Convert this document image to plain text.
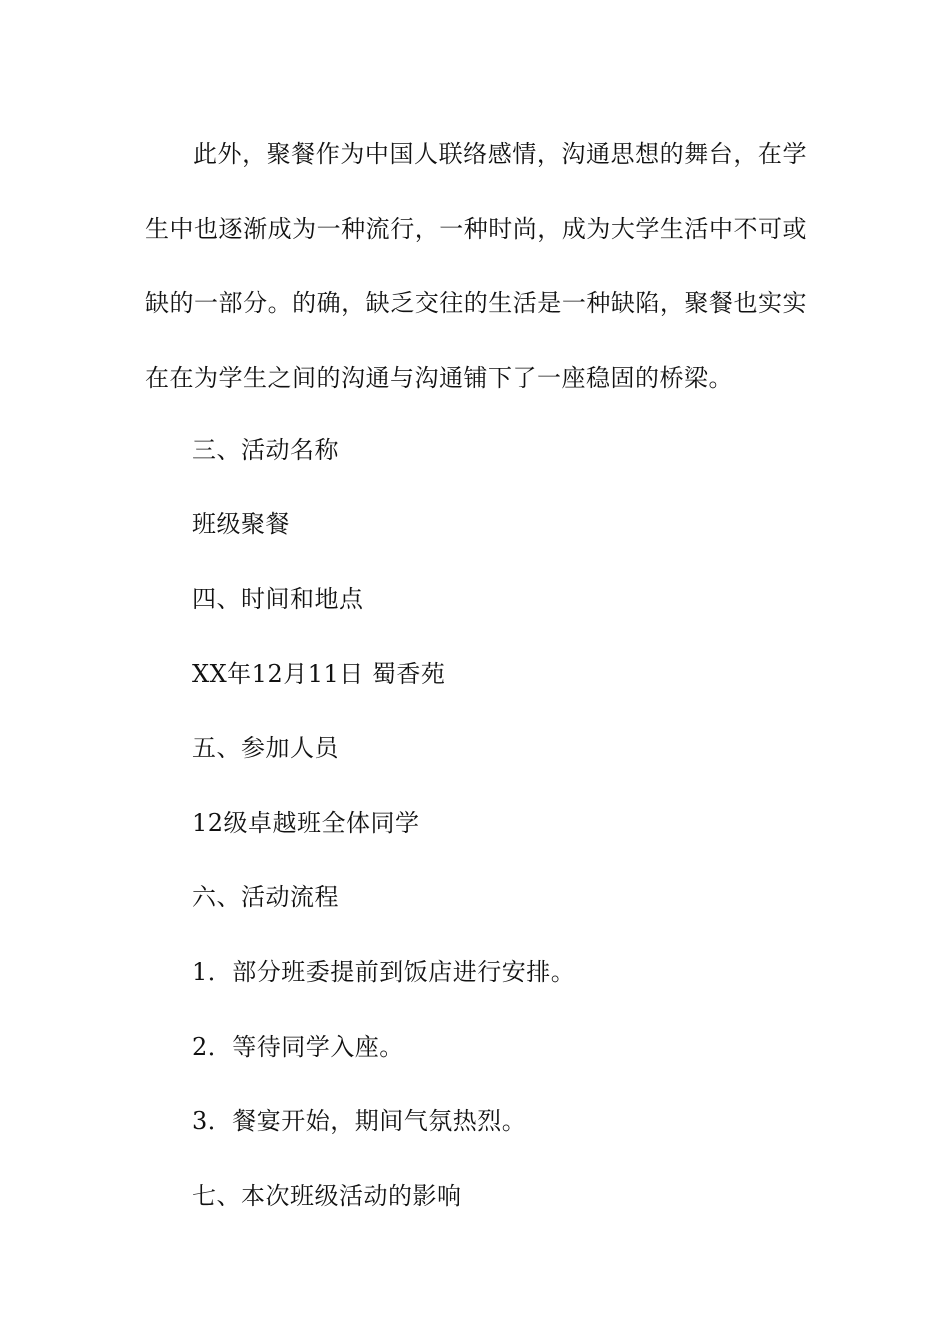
此外，聚餐作为中国人联络感情，沟通思想的舞台，在学生中也逐渐成为一种流行，一种时尚，成为大学生活中不可或缺的一部分。的确，缺乏交往的生活是一种缺陷，聚餐也实实在在为学生之间的沟通与沟通铺下了一座稳固的桥梁。

三、活动名称

班级聚餐

四、时间和地点

XX年12月11日 蜀香苑

五、参加人员

12级卓越班全体同学

六、活动流程

1．部分班委提前到饭店进行安排。

2．等待同学入座。

3．餐宴开始，期间气氛热烈。

七、本次班级活动的影响
